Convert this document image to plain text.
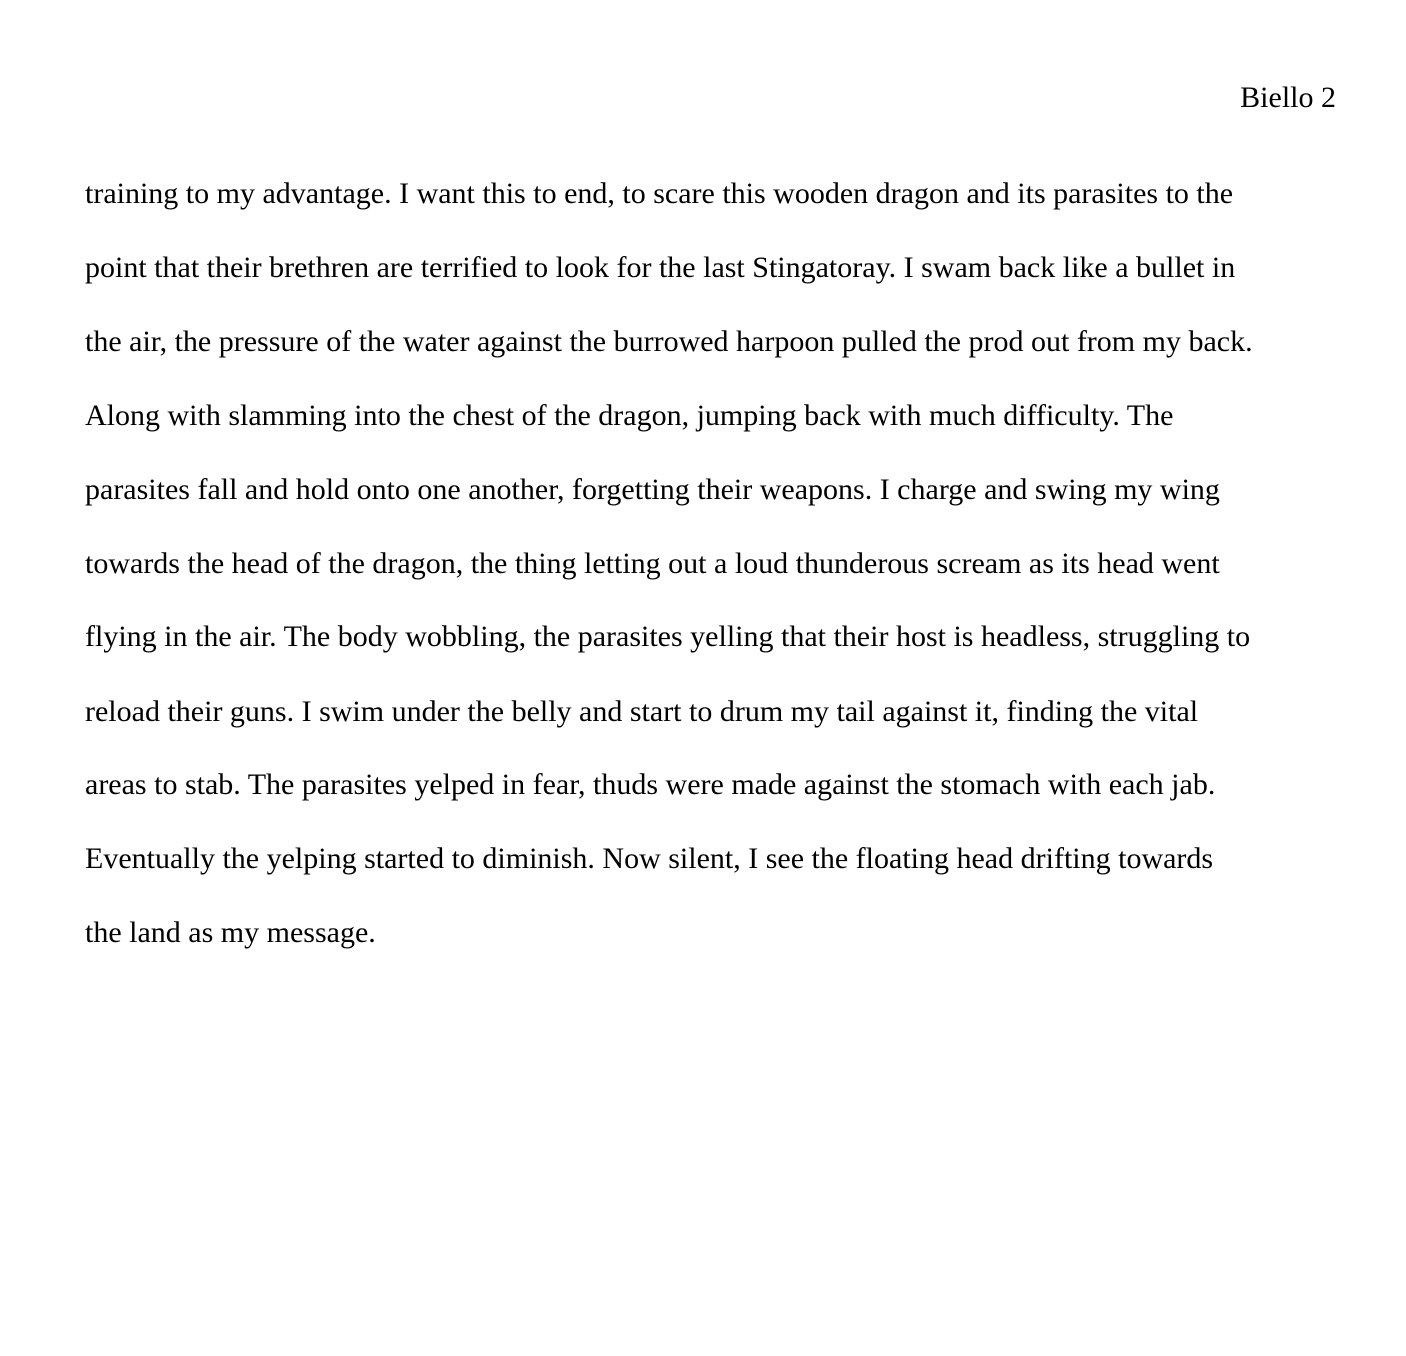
Biello 2
training to my advantage. I want this to end, to scare this wooden dragon and its parasites to the
point that their brethren are terrified to look for the last Stingatoray. I swam back like a bullet in
the air, the pressure of the water against the burrowed harpoon pulled the prod out from my back.
Along with slamming into the chest of the dragon, jumping back with much difficulty. The
parasites fall and hold onto one another, forgetting their weapons. I charge and swing my wing
towards the head of the dragon, the thing letting out a loud thunderous scream as its head went
flying in the air. The body wobbling, the parasites yelling that their host is headless, struggling to
reload their guns. I swim under the belly and start to drum my tail against it, finding the vital
areas to stab. The parasites yelped in fear, thuds were made against the stomach with each jab.
Eventually the yelping started to diminish. Now silent, I see the floating head drifting towards
the land as my message.
